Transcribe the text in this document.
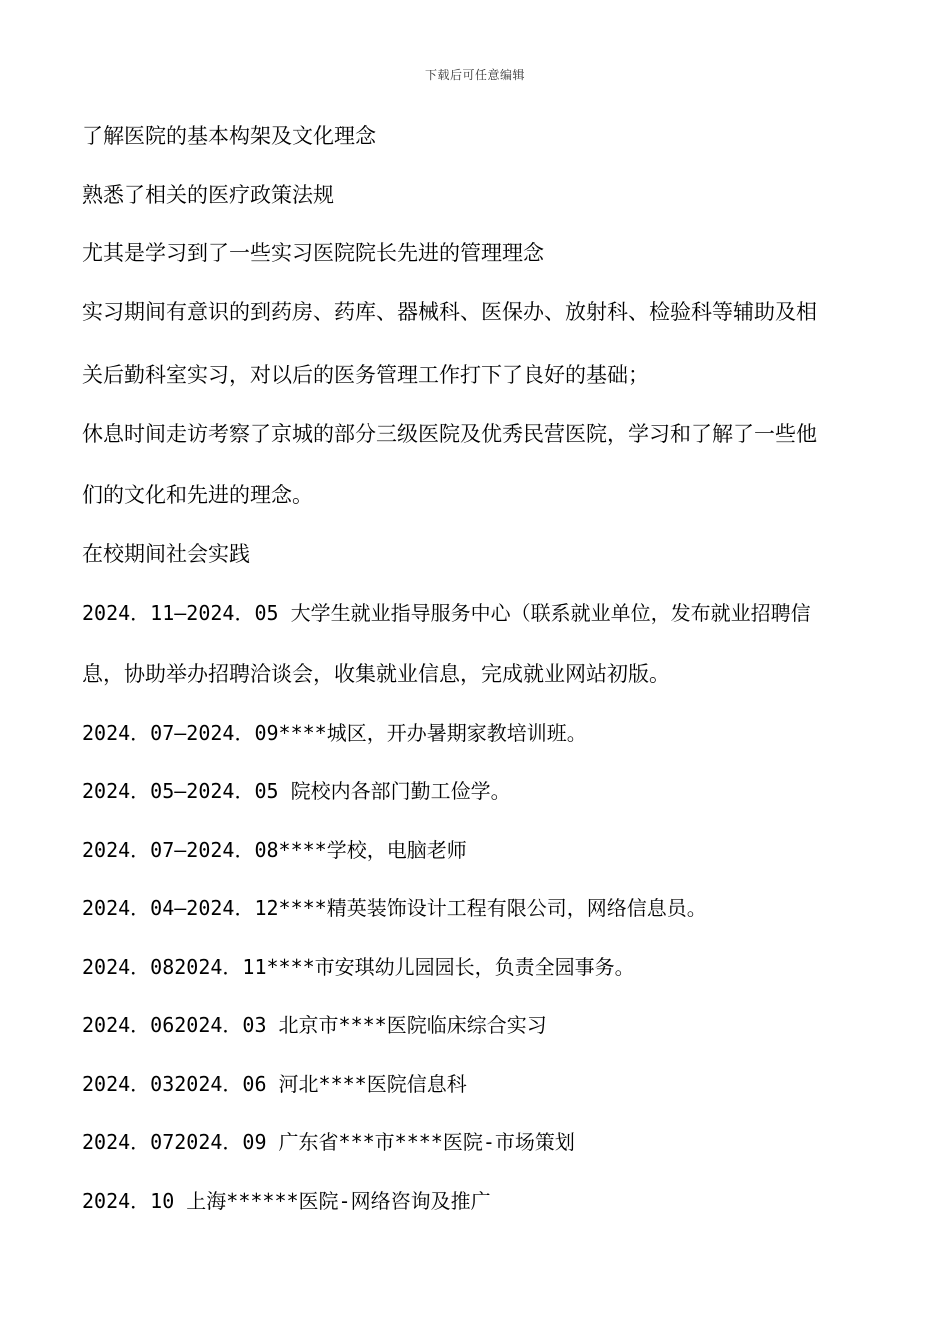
下载后可任意编辑
了解医院的基本构架及文化理念
熟悉了相关的医疗政策法规
尤其是学习到了一些实习医院院长先进的管理理念
实习期间有意识的到药房、药库、器械科、医保办、放射科、检验科等辅助及相
关后勤科室实习，对以后的医务管理工作打下了良好的基础；
休息时间走访考察了京城的部分三级医院及优秀民营医院，学习和了解了一些他
们的文化和先进的理念。
在校期间社会实践
2024．11—2024．05 大学生就业指导服务中心（联系就业单位，发布就业招聘信
息，协助举办招聘洽谈会，收集就业信息，完成就业网站初版。
2024．07—2024．09****城区，开办暑期家教培训班。
2024．05—2024．05 院校内各部门勤工俭学。
2024．07—2024．08****学校，电脑老师
2024．04—2024．12****精英装饰设计工程有限公司，网络信息员。
2024．082024．11****市安琪幼儿园园长，负责全园事务。
2024．062024．03 北京市****医院临床综合实习
2024．032024．06 河北****医院信息科
2024．072024．09 广东省***市****医院-市场策划
2024．10 上海******医院-网络咨询及推广
